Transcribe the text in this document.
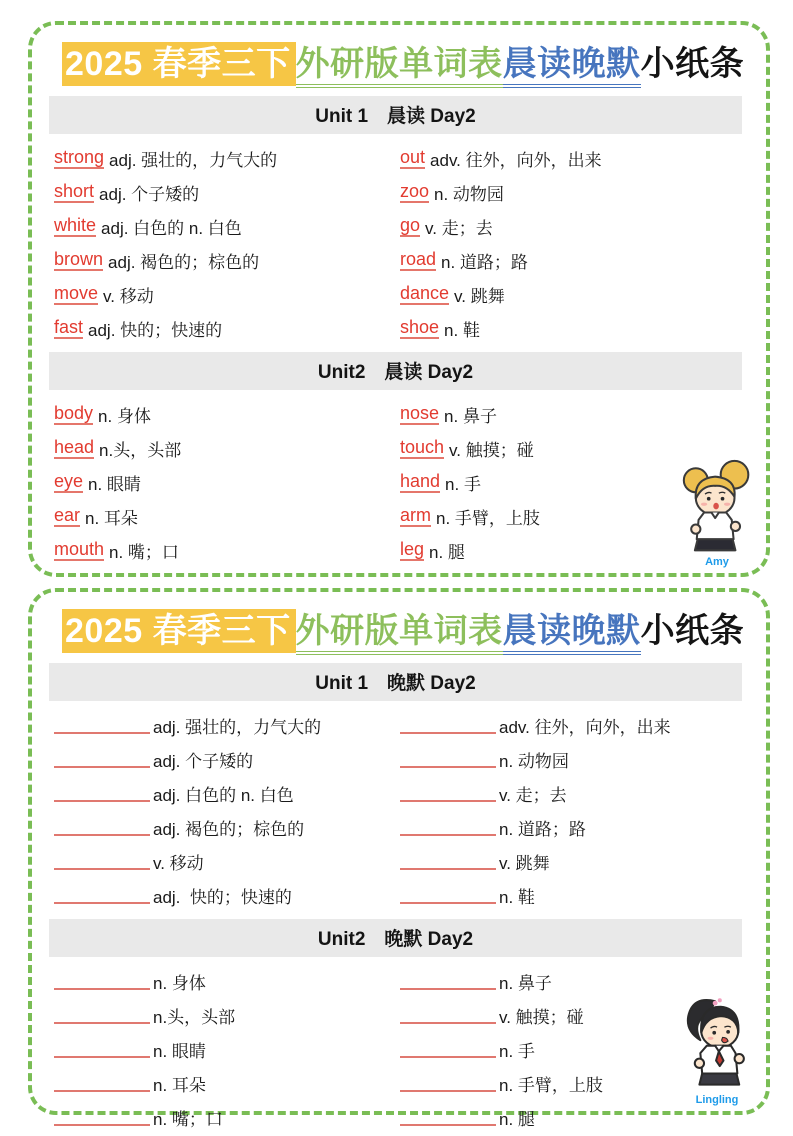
2025 春季三下 外研版单词表晨读晚默小纸条
Unit 1　晨读 Day2
strong adj. 强壮的，力气大的
short adj. 个子矮的
white adj. 白色的 n. 白色
brown adj. 褐色的；棕色的
move v. 移动
fast adj. 快的；快速的
out adv. 往外，向外，出来
zoo n. 动物园
go v. 走；去
road n. 道路；路
dance v. 跳舞
shoe n. 鞋
Unit2　晨读 Day2
body n. 身体
head n.头，头部
eye n. 眼睛
ear n. 耳朵
mouth n. 嘴；口
nose n. 鼻子
touch v. 触摸；碰
hand n. 手
arm n. 手臂，上肢
leg n. 腿	Amy
2025 春季三下 外研版单词表晨读晚默小纸条
Unit 1　晚默 Day2
adj. 强壮的，力气大的
adj. 个子矮的
adj. 白色的 n. 白色
adj. 褐色的；棕色的
v. 移动
adj.  快的；快速的
adv. 往外，向外，出来
n. 动物园
v. 走；去
n. 道路；路
v. 跳舞
n. 鞋
Unit2　晚默 Day2
n. 身体
n.头，头部
n. 眼睛
n. 耳朵
n. 嘴；口
n. 鼻子
v. 触摸；碰
n. 手
n. 手臂，上肢
n. 腿
Lingling
